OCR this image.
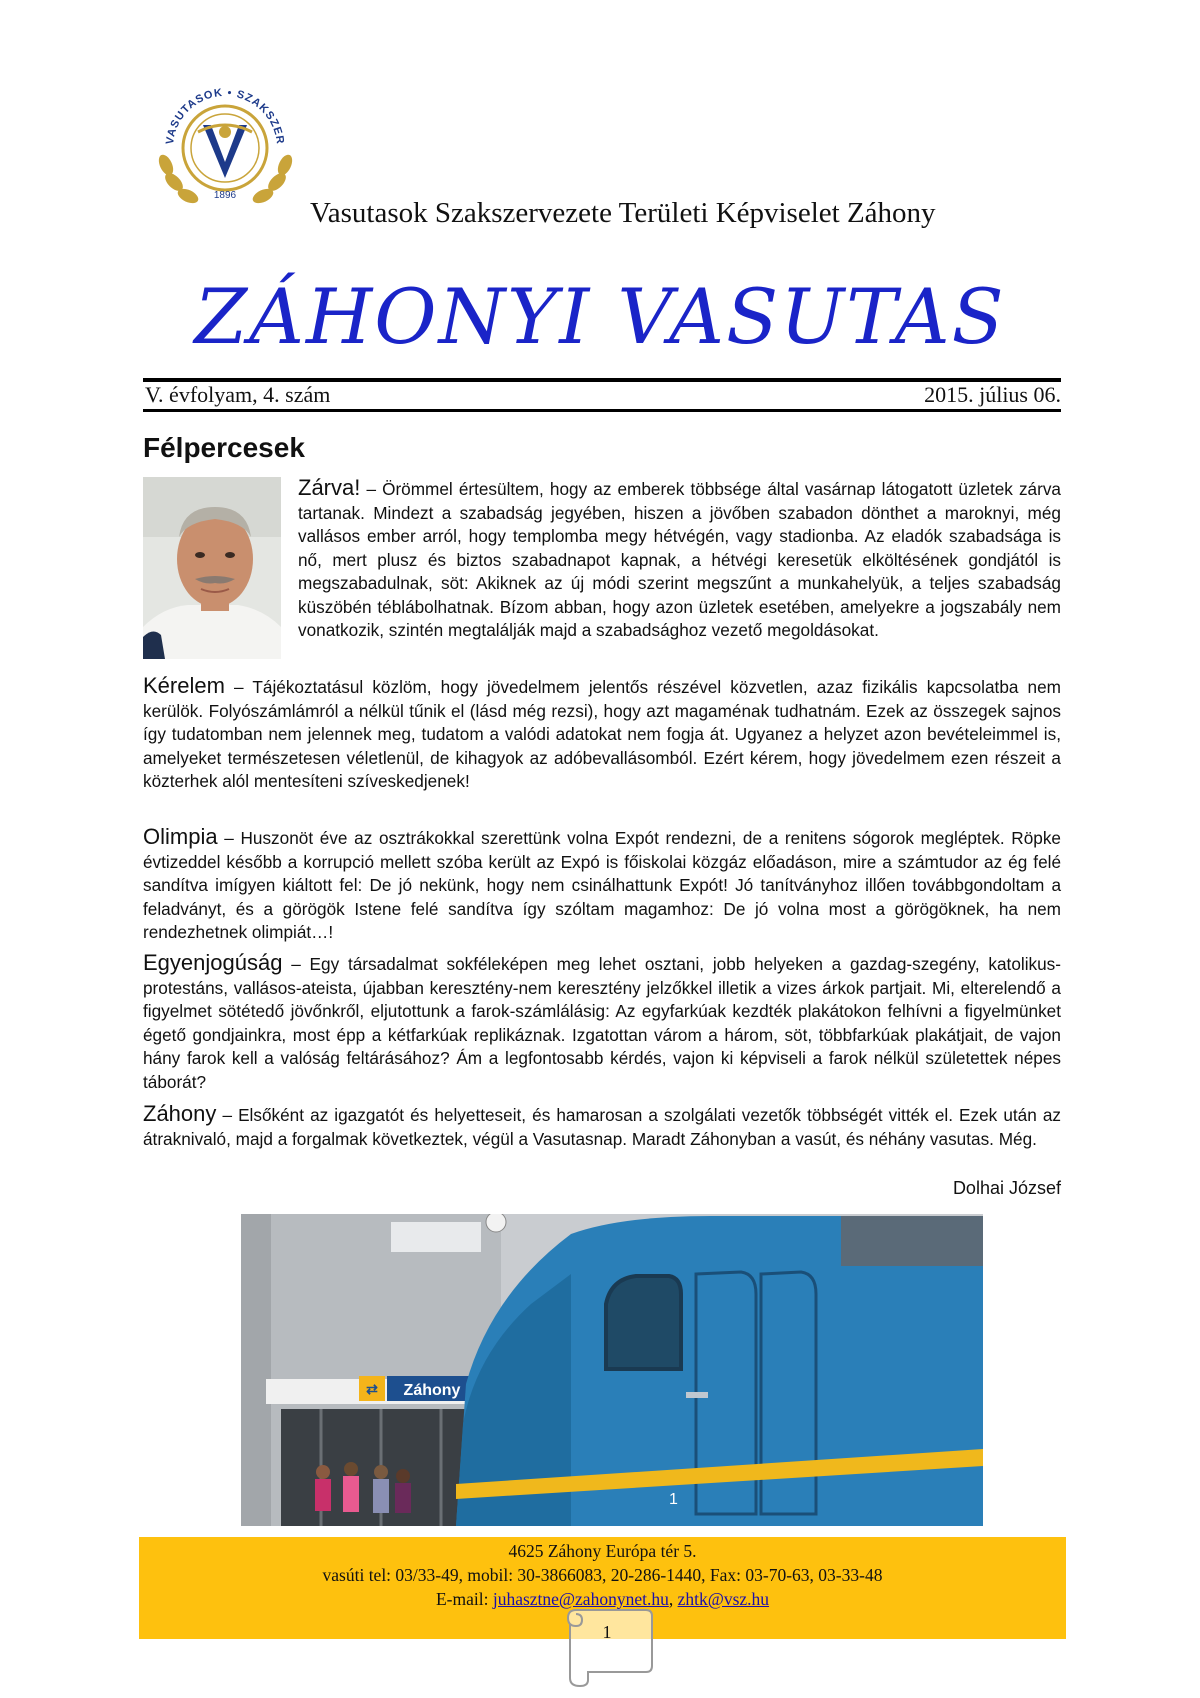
VASUTASOK • SZAKSZER
1896
Vasutasok Szakszervezete Területi Képviselet Záhony
ZÁHONYI VASUTAS
V. évfolyam, 4. szám	2015. július 06.
Félpercesek
Zárva! – Örömmel értesültem, hogy az emberek többsége által vasárnap látogatott üzletek zárva tartanak. Mindezt a szabadság jegyében, hiszen a jövőben szabadon dönthet a maroknyi, még vallásos ember arról, hogy templomba megy hétvégén, vagy stadionba. Az eladók szabadsága is nő, mert plusz és biztos szabadnapot kapnak, a hétvégi keresetük elköltésének gondjától is megszabadulnak, söt: Akiknek az új módi szerint megszűnt a munkahelyük, a teljes szabadság küszöbén téblábolhatnak. Bízom abban, hogy azon üzletek esetében, amelyekre a jogszabály nem vonatkozik, szintén megtalálják majd a szabadsághoz vezető megoldásokat.
Kérelem – Tájékoztatásul közlöm, hogy jövedelmem jelentős részével közvetlen, azaz fizikális kapcsolatba nem kerülök. Folyószámlámról a nélkül tűnik el (lásd még rezsi), hogy azt magaménak tudhatnám. Ezek az összegek sajnos így tudatomban nem jelennek meg, tudatom a valódi adatokat nem fogja át. Ugyanez a helyzet azon bevételeimmel is, amelyeket természetesen véletlenül, de kihagyok az adóbevallásomból. Ezért kérem, hogy jövedelmem ezen részeit a közterhek alól mentesíteni szíveskedjenek!
Olimpia – Huszonöt éve az osztrákokkal szerettünk volna Expót rendezni, de a renitens sógorok megléptek. Röpke évtizeddel később a korrupció mellett szóba került az Expó is főiskolai közgáz előadáson, mire a számtudor az ég felé sandítva imígyen kiáltott fel: De jó nekünk, hogy nem csinálhattunk Expót! Jó tanítványhoz illően továbbgondoltam a feladványt, és a görögök Istene felé sandítva így szóltam magamhoz: De jó volna most a görögöknek, ha nem rendezhetnek olimpiát…!
Egyenjogúság – Egy társadalmat sokféleképen meg lehet osztani, jobb helyeken a gazdag-szegény, katolikus-protestáns, vallásos-ateista, újabban keresztény-nem keresztény jelzőkkel illetik a vizes árkok partjait. Mi, elterelendő a figyelmet sötétedő jövőnkről, eljutottunk a farok-számlálásig: Az egyfarkúak kezdték plakátokon felhívni a figyelmünket égető gondjainkra, most épp a kétfarkúak replikáznak. Izgatottan várom a három, söt, többfarkúak plakátjait, de vajon hány farok kell a valóság feltárásához? Ám a legfontosabb kérdés, vajon ki képviseli a farok nélkül születettek népes táborát?
Záhony – Elsőként az igazgatót és helyetteseit, és hamarosan a szolgálati vezetők többségét vitték el. Ezek után az átraknivaló, majd a forgalmak következtek, végül a Vasutasnap. Maradt Záhonyban a vasút, és néhány vasutas. Még.
Dolhai József
⇄ Záhony
1
4625 Záhony Európa tér 5.
vasúti tel: 03/33-49, mobil: 30-3866083, 20-286-1440, Fax: 03-70-63, 03-33-48
E-mail: juhasztne@zahonynet.hu, zhtk@vsz.hu
1
